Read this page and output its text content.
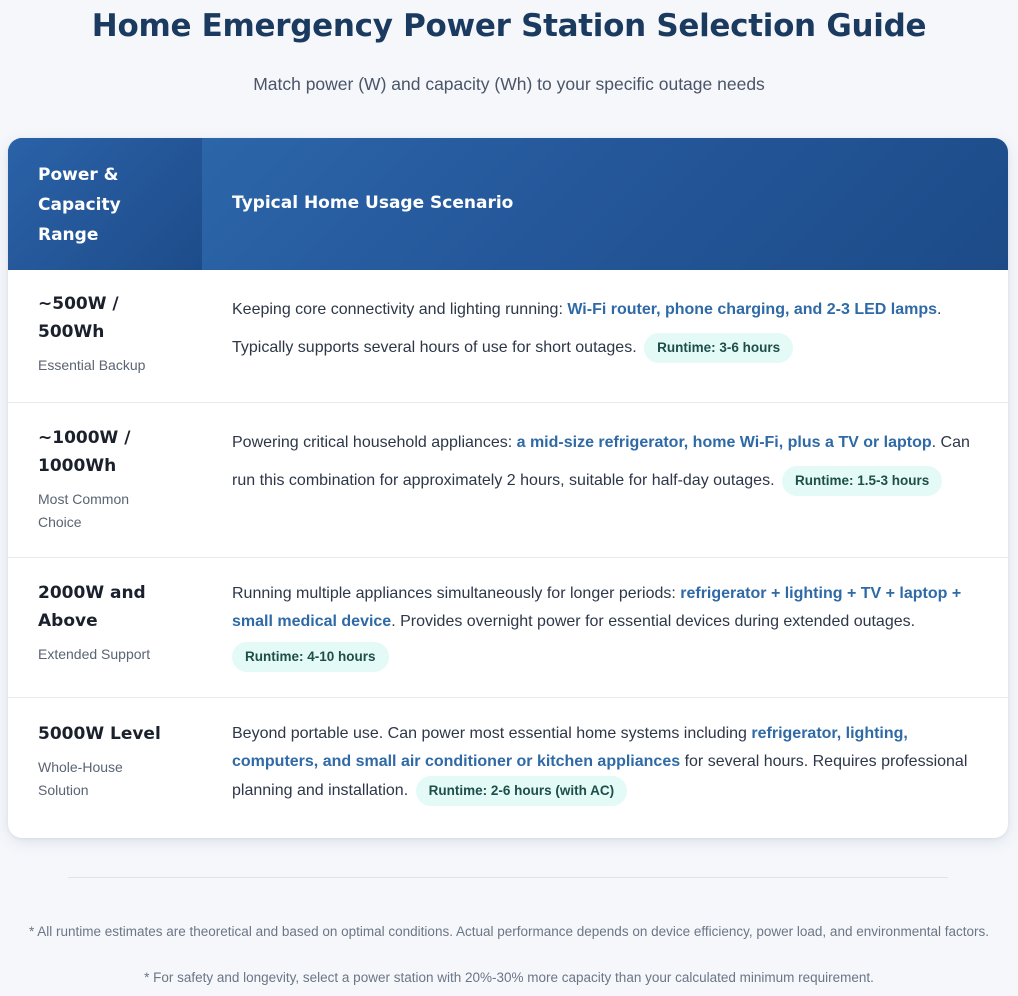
Home Emergency Power Station Selection Guide

Match power (W) and capacity (Wh) to your specific outage needs

Power & Capacity Range
Typical Home Usage Scenario
~500W / 500Wh
Essential Backup
Keeping core connectivity and lighting running: Wi-Fi router, phone charging, and 2-3 LED lamps. Typically supports several hours of use for short outages. Runtime: 3-6 hours
~1000W / 1000Wh
Most Common Choice
Powering critical household appliances: a mid-size refrigerator, home Wi-Fi, plus a TV or laptop. Can run this combination for approximately 2 hours, suitable for half-day outages. Runtime: 1.5-3 hours
2000W and Above
Extended Support
Running multiple appliances simultaneously for longer periods: refrigerator + lighting + TV + laptop + small medical device. Provides overnight power for essential devices during extended outages.
Runtime: 4-10 hours
5000W Level
Whole-House Solution
Beyond portable use. Can power most essential home systems including refrigerator, lighting, computers, and small air conditioner or kitchen appliances for several hours. Requires professional planning and installation. Runtime: 2-6 hours (with AC)

* All runtime estimates are theoretical and based on optimal conditions. Actual performance depends on device efficiency, power load, and environmental factors.

* For safety and longevity, select a power station with 20%-30% more capacity than your calculated minimum requirement.
